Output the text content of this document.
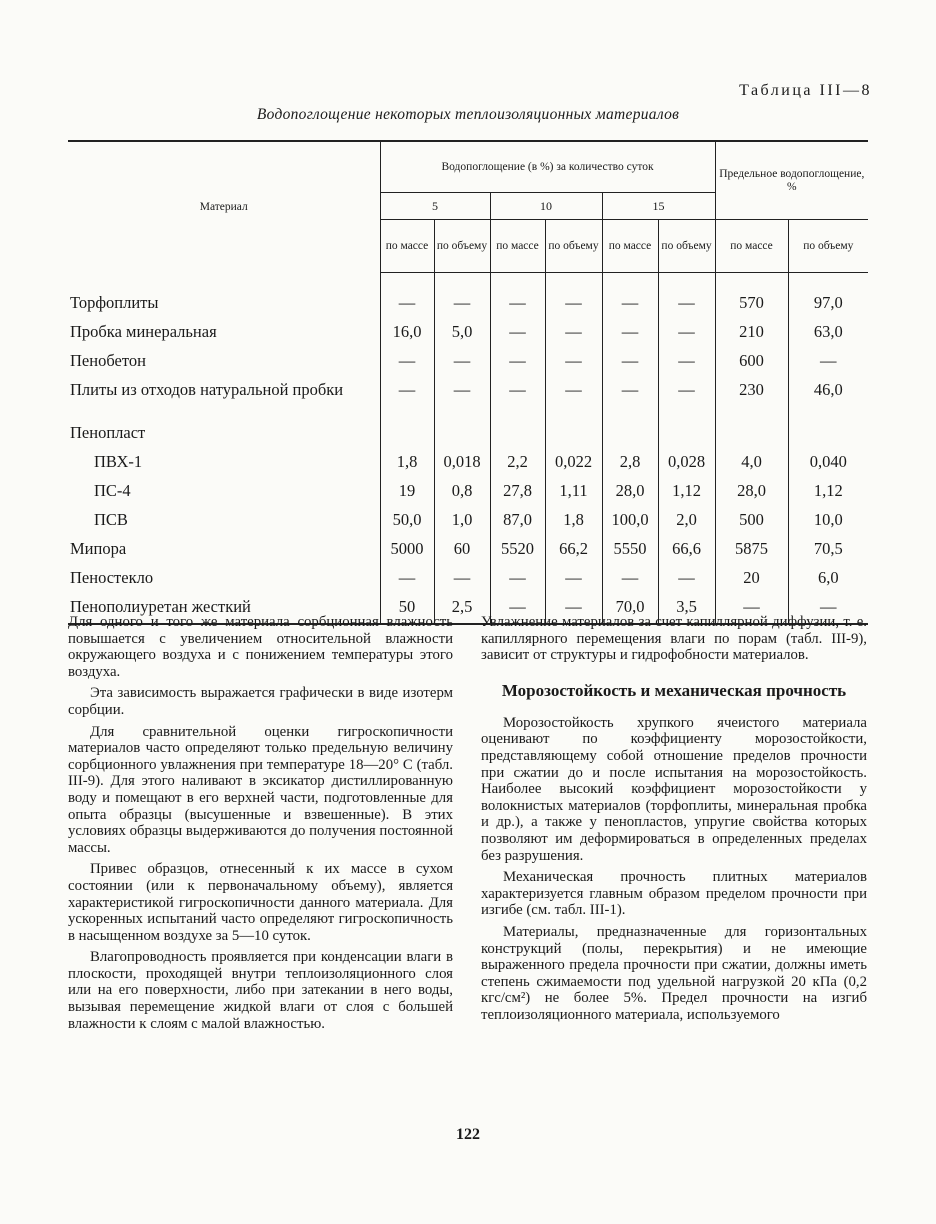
Таблица III—8
Водопоглощение некоторых теплоизоляционных материалов
Материал	Водопоглощение (в %) за количество суток						Предельное водопоглощение, %	
	5		10		15			
	по массе	по объему	по массе	по объему	по массе	по объему	по массе	по объему

Торфоплиты	—	—	—	—	—	—	570	97,0
Пробка минеральная	16,0	5,0	—	—	—	—	210	63,0
Пенобетон	—	—	—	—	—	—	600	—
Плиты из отходов натуральной пробки	—	—	—	—	—	—	230	46,0
Пенопласт								
ПВХ-1	1,8	0,018	2,2	0,022	2,8	0,028	4,0	0,040
ПС-4	19	0,8	27,8	1,11	28,0	1,12	28,0	1,12
ПСВ	50,0	1,0	87,0	1,8	100,0	2,0	500	10,0
Мипора	5000	60	5520	66,2	5550	66,6	5875	70,5
Пеностекло	—	—	—	—	—	—	20	6,0
Пенополиуретан жесткий	50	2,5	—	—	70,0	3,5	—	—

Для одного и того же материала сорбционная влажность повышается с увеличением относительной влажности окружающего воздуха и с понижением температуры этого воздуха.

Эта зависимость выражается графически в виде изотерм сорбции.

Для сравнительной оценки гигроскопичности материалов часто определяют только предельную величину сорбционного увлажнения при температуре 18—20° С (табл. III-9). Для этого наливают в эксикатор дистиллированную воду и помещают в его верхней части, подготовленные для опыта образцы (высушенные и взвешенные). В этих условиях образцы выдерживаются до получения постоянной массы.

Привес образцов, отнесенный к их массе в сухом состоянии (или к первоначальному объему), является характеристикой гигроскопичности данного материала. Для ускоренных испытаний часто определяют гигроскопичность в насыщенном воздухе за 5—10 суток.

Влагопроводность проявляется при конденсации влаги в плоскости, проходящей внутри теплоизоляционного слоя или на его поверхности, либо при затекании в него воды, вызывая перемещение жидкой влаги от слоя с большей влажности к слоям с малой влажностью.

Увлажнение материалов за счет капиллярной диффузии, т. е. капиллярного перемещения влаги по порам (табл. III-9), зависит от структуры и гидрофобности материалов.

Морозостойкость и механическая прочность

Морозостойкость хрупкого ячеистого материала оценивают по коэффициенту морозостойкости, представляющему собой отношение пределов прочности при сжатии до и после испытания на морозостойкость. Наиболее высокий коэффициент морозостойкости у волокнистых материалов (торфоплиты, минеральная пробка и др.), а также у пенопластов, упругие свойства которых позволяют им деформироваться в определенных пределах без разрушения.

Механическая прочность плитных материалов характеризуется главным образом пределом прочности при изгибе (см. табл. III-1).

Материалы, предназначенные для горизонтальных конструкций (полы, перекрытия) и не имеющие выраженного предела прочности при сжатии, должны иметь степень сжимаемости под удельной нагрузкой 20 кПа (0,2 кгс/см²) не более 5%. Предел прочности на изгиб теплоизоляционного материала, используемого

122
